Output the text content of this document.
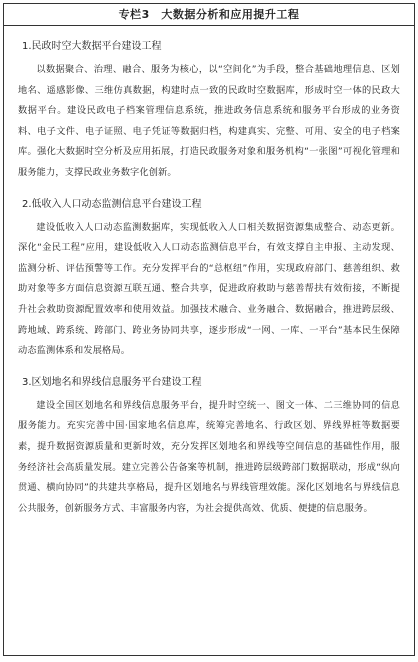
专栏3　大数据分析和应用提升工程
1.民政时空大数据平台建设工程

以数据聚合、治理、融合、服务为核心，以“空间化”为手段，整合基础地理信息、区划地名、遥感影像、三维仿真数据，构建时点一致的民政时空数据库，形成时空一体的民政大数据平台。建设民政电子档案管理信息系统，推进政务信息系统和服务平台形成的业务资料、电子文件、电子证照、电子凭证等数据归档，构建真实、完整、可用、安全的电子档案库。强化大数据时空分析及应用拓展，打造民政服务对象和服务机构“一张图”可视化管理和服务能力，支撑民政业务数字化创新。

2.低收入人口动态监测信息平台建设工程

建设低收入人口动态监测数据库，实现低收入人口相关数据资源集成整合、动态更新。深化“金民工程”应用，建设低收入人口动态监测信息平台，有效支撑自主申报、主动发现、监测分析、评估预警等工作。充分发挥平台的“总枢纽”作用，实现政府部门、慈善组织、救助对象等多方面信息资源互联互通、整合共享，促进政府救助与慈善帮扶有效衔接，不断提升社会救助资源配置效率和使用效益。加强技术融合、业务融合、数据融合，推进跨层级、跨地域、跨系统、跨部门、跨业务协同共享，逐步形成“一网、一库、一平台”基本民生保障动态监测体系和发展格局。

3.区划地名和界线信息服务平台建设工程

建设全国区划地名和界线信息服务平台，提升时空统一、图文一体、二三维协同的信息服务能力。充实完善中国·国家地名信息库，统筹完善地名、行政区划、界线界桩等数据要素，提升数据资源质量和更新时效，充分发挥区划地名和界线等空间信息的基础性作用，服务经济社会高质量发展。建立完善公告备案等机制，推进跨层级跨部门数据联动，形成“纵向贯通、横向协同”的共建共享格局，提升区划地名与界线管理效能。深化区划地名与界线信息公共服务，创新服务方式、丰富服务内容，为社会提供高效、优质、便捷的信息服务。
